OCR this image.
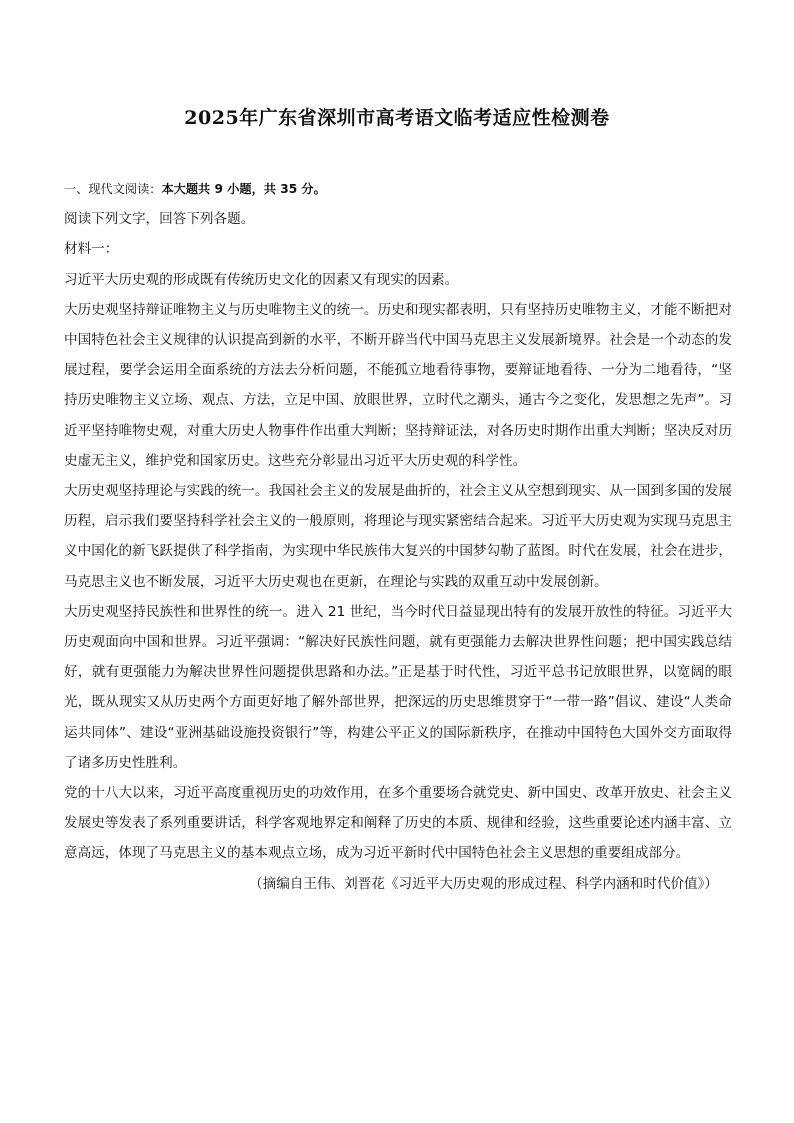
2025年广东省深圳市高考语文临考适应性检测卷

一、现代文阅读：本大题共 9 小题，共 35 分。

阅读下列文字，回答下列各题。

材料一：

习近平大历史观的形成既有传统历史文化的因素又有现实的因素。

大历史观坚持辩证唯物主义与历史唯物主义的统一。历史和现实都表明，只有坚持历史唯物主义，才能不断把对中国特色社会主义规律的认识提高到新的水平，不断开辟当代中国马克思主义发展新境界。社会是一个动态的发展过程，要学会运用全面系统的方法去分析问题，不能孤立地看待事物，要辩证地看待、一分为二地看待，“坚持历史唯物主义立场、观点、方法，立足中国、放眼世界，立时代之潮头，通古今之变化，发思想之先声”。习近平坚持唯物史观，对重大历史人物事件作出重大判断；坚持辩证法，对各历史时期作出重大判断；坚决反对历史虚无主义，维护党和国家历史。这些充分彰显出习近平大历史观的科学性。

大历史观坚持理论与实践的统一。我国社会主义的发展是曲折的，社会主义从空想到现实、从一国到多国的发展历程，启示我们要坚持科学社会主义的一般原则，将理论与现实紧密结合起来。习近平大历史观为实现马克思主义中国化的新飞跃提供了科学指南，为实现中华民族伟大复兴的中国梦勾勒了蓝图。时代在发展，社会在进步，马克思主义也不断发展，习近平大历史观也在更新，在理论与实践的双重互动中发展创新。

大历史观坚持民族性和世界性的统一。进入 21 世纪，当今时代日益显现出特有的发展开放性的特征。习近平大历史观面向中国和世界。习近平强调：“解决好民族性问题，就有更强能力去解决世界性问题；把中国实践总结好，就有更强能力为解决世界性问题提供思路和办法。”正是基于时代性，习近平总书记放眼世界，以宽阔的眼光，既从现实又从历史两个方面更好地了解外部世界，把深远的历史思维贯穿于“一带一路”倡议、建设“人类命运共同体”、建设“亚洲基础设施投资银行”等，构建公平正义的国际新秩序，在推动中国特色大国外交方面取得了诸多历史性胜利。

党的十八大以来，习近平高度重视历史的功效作用，在多个重要场合就党史、新中国史、改革开放史、社会主义发展史等发表了系列重要讲话，科学客观地界定和阐释了历史的本质、规律和经验，这些重要论述内涵丰富、立意高远，体现了马克思主义的基本观点立场，成为习近平新时代中国特色社会主义思想的重要组成部分。

（摘编自王伟、刘晋花《习近平大历史观的形成过程、科学内涵和时代价值》）
